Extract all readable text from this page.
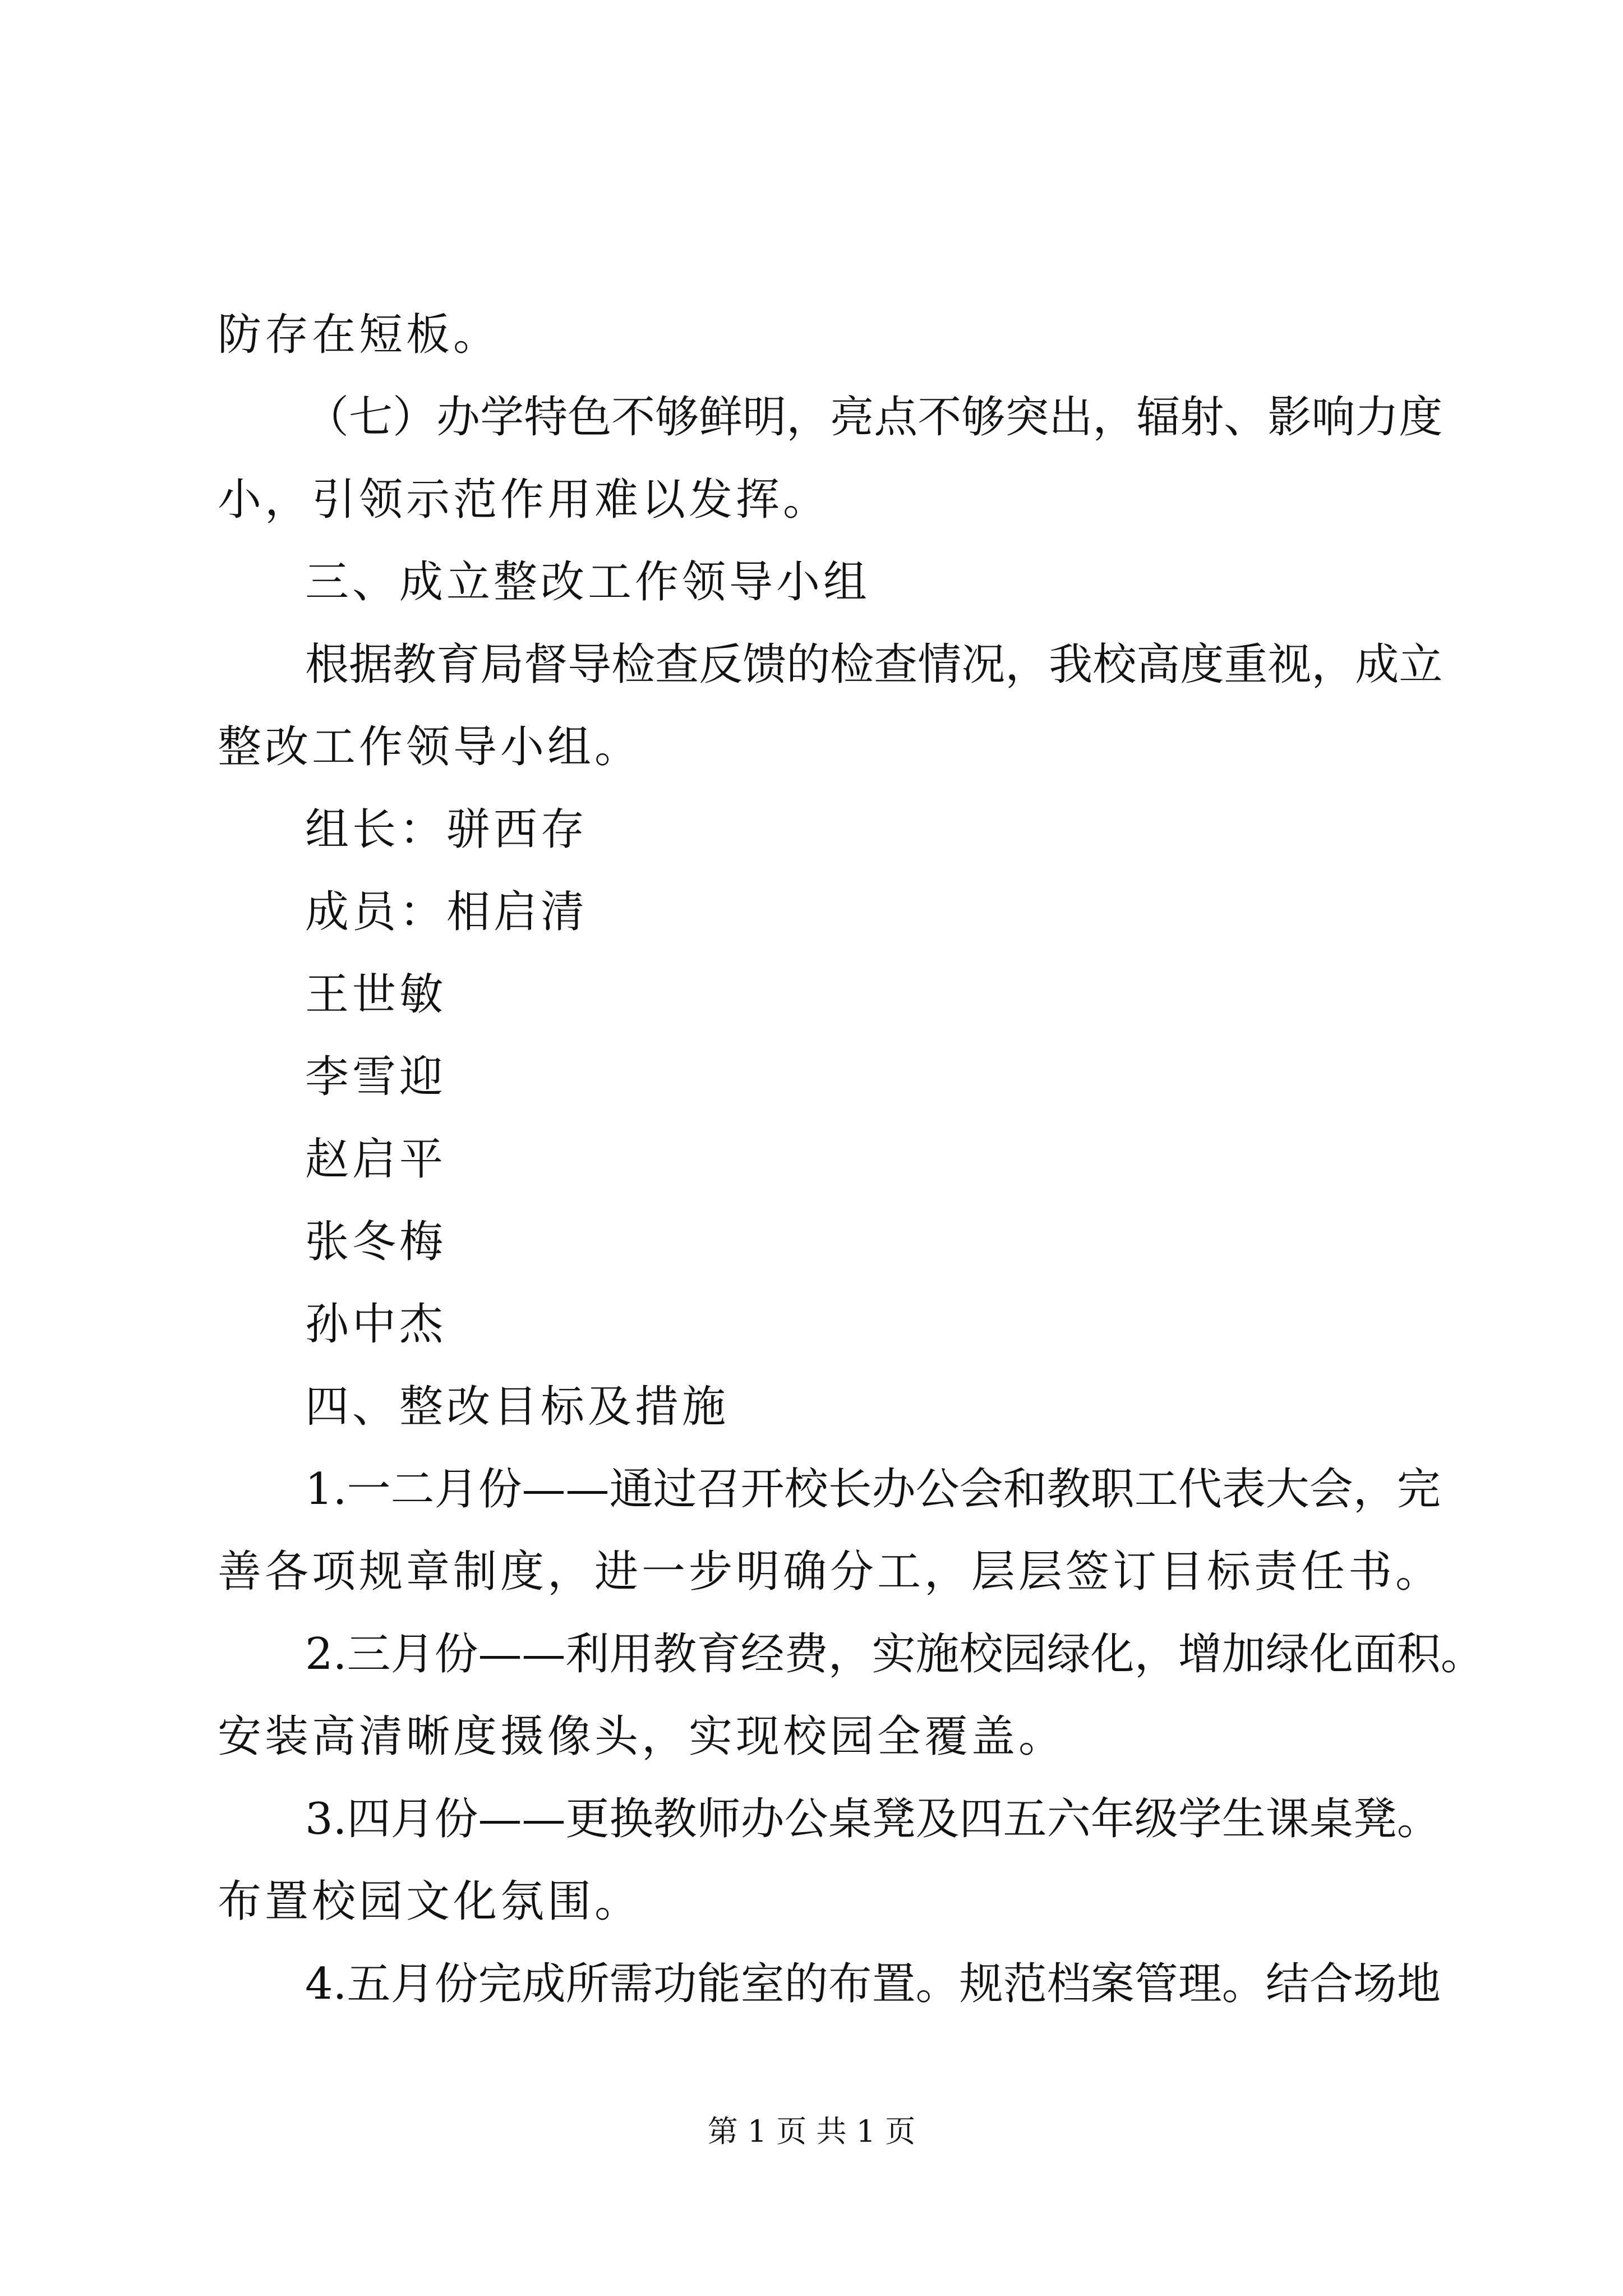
防存在短板。
（ 七 ） 办 学 特 色 不 够 鲜 明 ， 亮 点 不 够 突 出 ， 辐 射 、 影 响 力 度
小，引领示范作用难以发挥。
三、成立整改工作领导小组
根 据 教 育 局 督 导 检 查 反 馈 的 检 查 情 况 ， 我 校 高 度 重 视 ， 成 立
整改工作领导小组。
组长：骈西存
成员：相启清
王世敏
李雪迎
赵启平
张冬梅
孙中杰
四、整改目标及措施
1 . 一 二 月 份 — — 通 过 召 开 校 长 办 公 会 和 教 职 工 代 表 大 会 ， 完
善各项规章制度，进一步明确分工，层层签订目标责任书。
2 . 三 月 份 — — 利 用 教 育 经 费 ， 实 施 校 园 绿 化 ， 增 加 绿 化 面 积 。
安装高清晰度摄像头，实现校园全覆盖。
3 . 四 月 份 — — 更 换 教 师 办 公 桌 凳 及 四 五 六 年 级 学 生 课 桌 凳 。
布置校园文化氛围。
4 . 五 月 份 完 成 所 需 功 能 室 的 布 置 。 规 范 档 案 管 理 。 结 合 场 地
第 1 页 共 1 页
